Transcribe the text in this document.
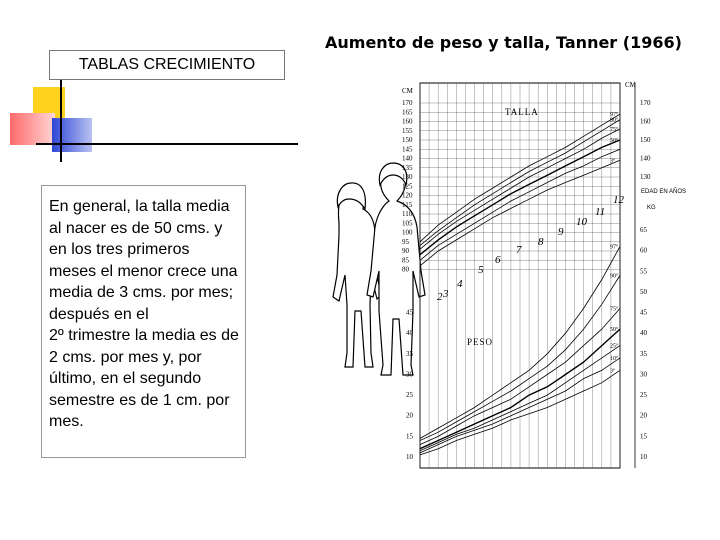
TABLAS CRECIMIENTO

En general, la talla media al nacer es de 50 cms. y en los tres primeros meses el menor crece una media de 3 cms. por mes; después en el
2º trimestre la media es de 2 cms. por mes y, por último, en el segundo semestre es de 1 cm. por mes.

Aumento de peso y talla, Tanner (1966)
CM
CM
TALLA
PESO
EDAD EN AÑOS
KG
80
85
90
95
100
105
110
115
120
125
130
135
140
145
150
155
160
165
170
130
140
150
160
170
10
15
20
25
30
35
40
45
10
15
20
25
30
35
40
45
50
55
60
65
97º
90º
75º
50º
3º
97º
90º
75º
50º
25º
10º
3º
2 3
4
5
6
7
8
9
10
11
12
